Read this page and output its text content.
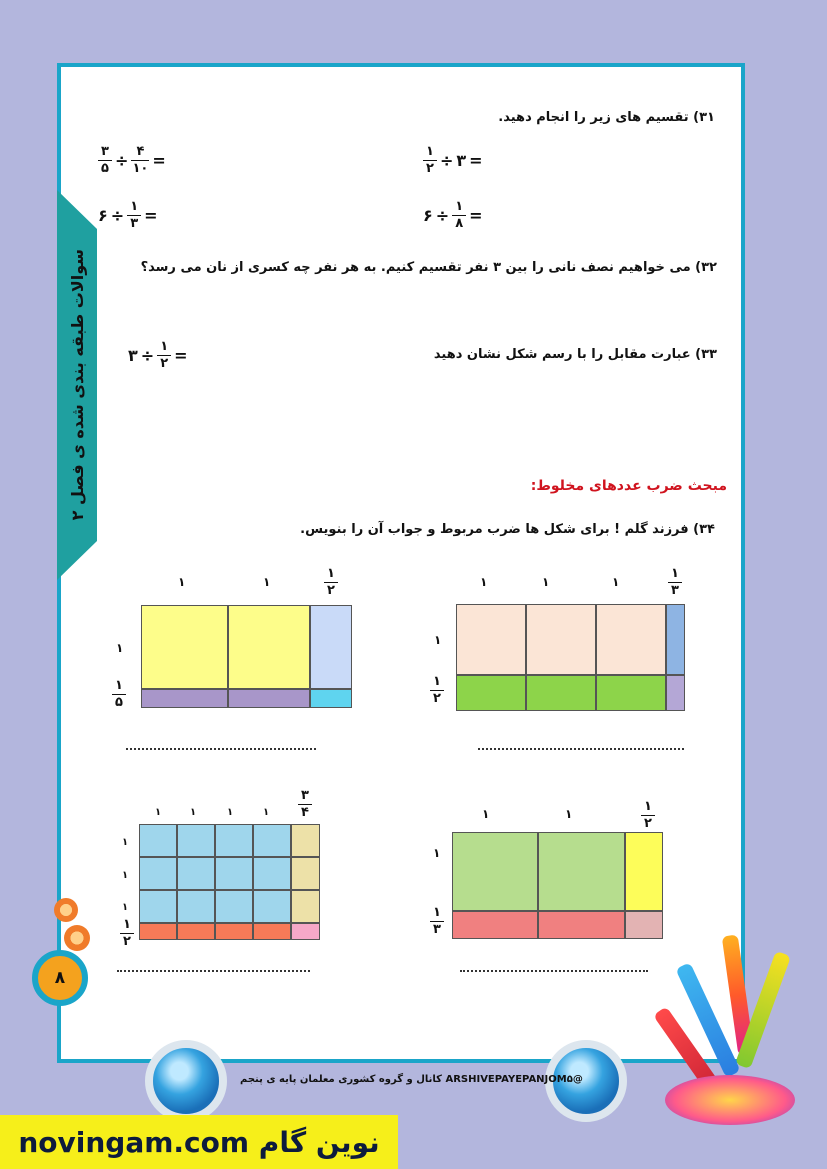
سوالات طبقه بندی شده ی فصل ۲
۸
۳۱) تقسیم های زیر را انجام دهید.
$\frac{۳}{۵} \div \frac{۴}{۱۰}$ =	$\frac{۱}{۲}$ ÷ ۳ =
۶ ÷ $\frac{۱}{۳}$ =	۶ ÷ $\frac{۱}{۸}$ =
۳۲) می خواهیم نصف نانی را بین ۳ نفر تقسیم کنیم. به هر نفر چه کسری از نان می رسد؟
۳۳) عبارت مقابل را با رسم شکل نشان دهید
۳ ÷ $\frac{۱}{۲}$ =
مبحث ضرب عددهای مخلوط:
۳۴) فرزند گلم ! برای شکل ها ضرب مربوط و جواب آن را بنویس.
۱	۱	۱	$\frac{۱}{۳}$
۱
$\frac{۱}{۲}$
۱	۱	$\frac{۱}{۲}$
۱
$\frac{۱}{۵}$
۱	۱	$\frac{۱}{۲}$
۱
$\frac{۱}{۳}$
۱	۱	۱	۱ $\frac{۳}{۴}$
۱
۱
۱
$\frac{۱}{۲}$
کانال و گروه کشوری معلمان پایه ی پنجم ARSHIVEPAYEPANJOM۵@
novingam.com نوین گام
